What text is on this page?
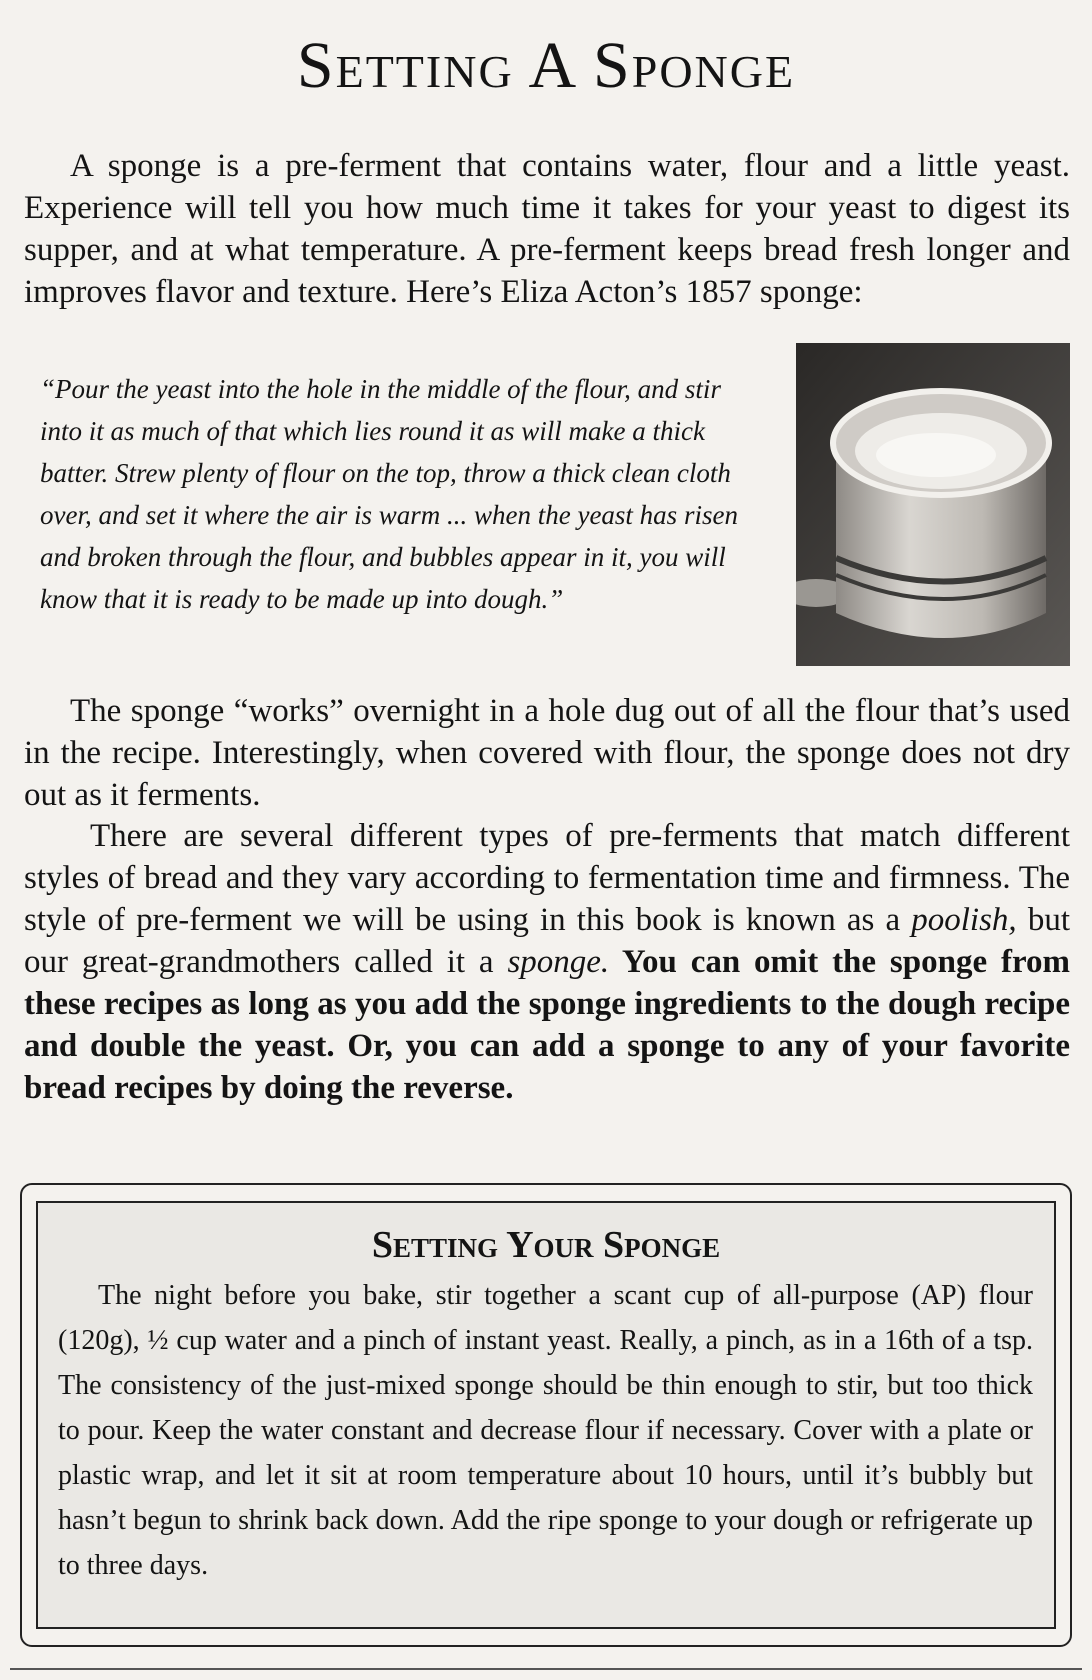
Setting A Sponge

A sponge is a pre-ferment that contains water, flour and a little yeast. Experience will tell you how much time it takes for your yeast to digest its supper, and at what temperature. A pre-ferment keeps bread fresh longer and improves flavor and texture. Here’s Eliza Acton’s 1857 sponge:

“Pour the yeast into the hole in the middle of the flour, and stir into it as much of that which lies round it as will make a thick batter. Strew plenty of flour on the top, throw a thick clean cloth over, and set it where the air is warm ... when the yeast has risen and broken through the flour, and bubbles appear in it, you will know that it is ready to be made up into dough.”

The sponge “works” overnight in a hole dug out of all the flour that’s used in the recipe. Interestingly, when covered with flour, the sponge does not dry out as it ferments.

There are several different types of pre-ferments that match different styles of bread and they vary according to fermentation time and firmness. The style of pre-ferment we will be using in this book is known as a poolish, but our great-grandmothers called it a sponge. You can omit the sponge from these recipes as long as you add the sponge ingredients to the dough recipe and double the yeast. Or, you can add a sponge to any of your favorite bread recipes by doing the reverse.

Setting Your Sponge

The night before you bake, stir together a scant cup of all-purpose (AP) flour (120g), ½ cup water and a pinch of instant yeast. Really, a pinch, as in a 16th of a tsp. The consistency of the just-mixed sponge should be thin enough to stir, but too thick to pour. Keep the water constant and decrease flour if necessary. Cover with a plate or plastic wrap, and let it sit at room temperature about 10 hours, until it’s bubbly but hasn’t begun to shrink back down. Add the ripe sponge to your dough or refrigerate up to three days.
